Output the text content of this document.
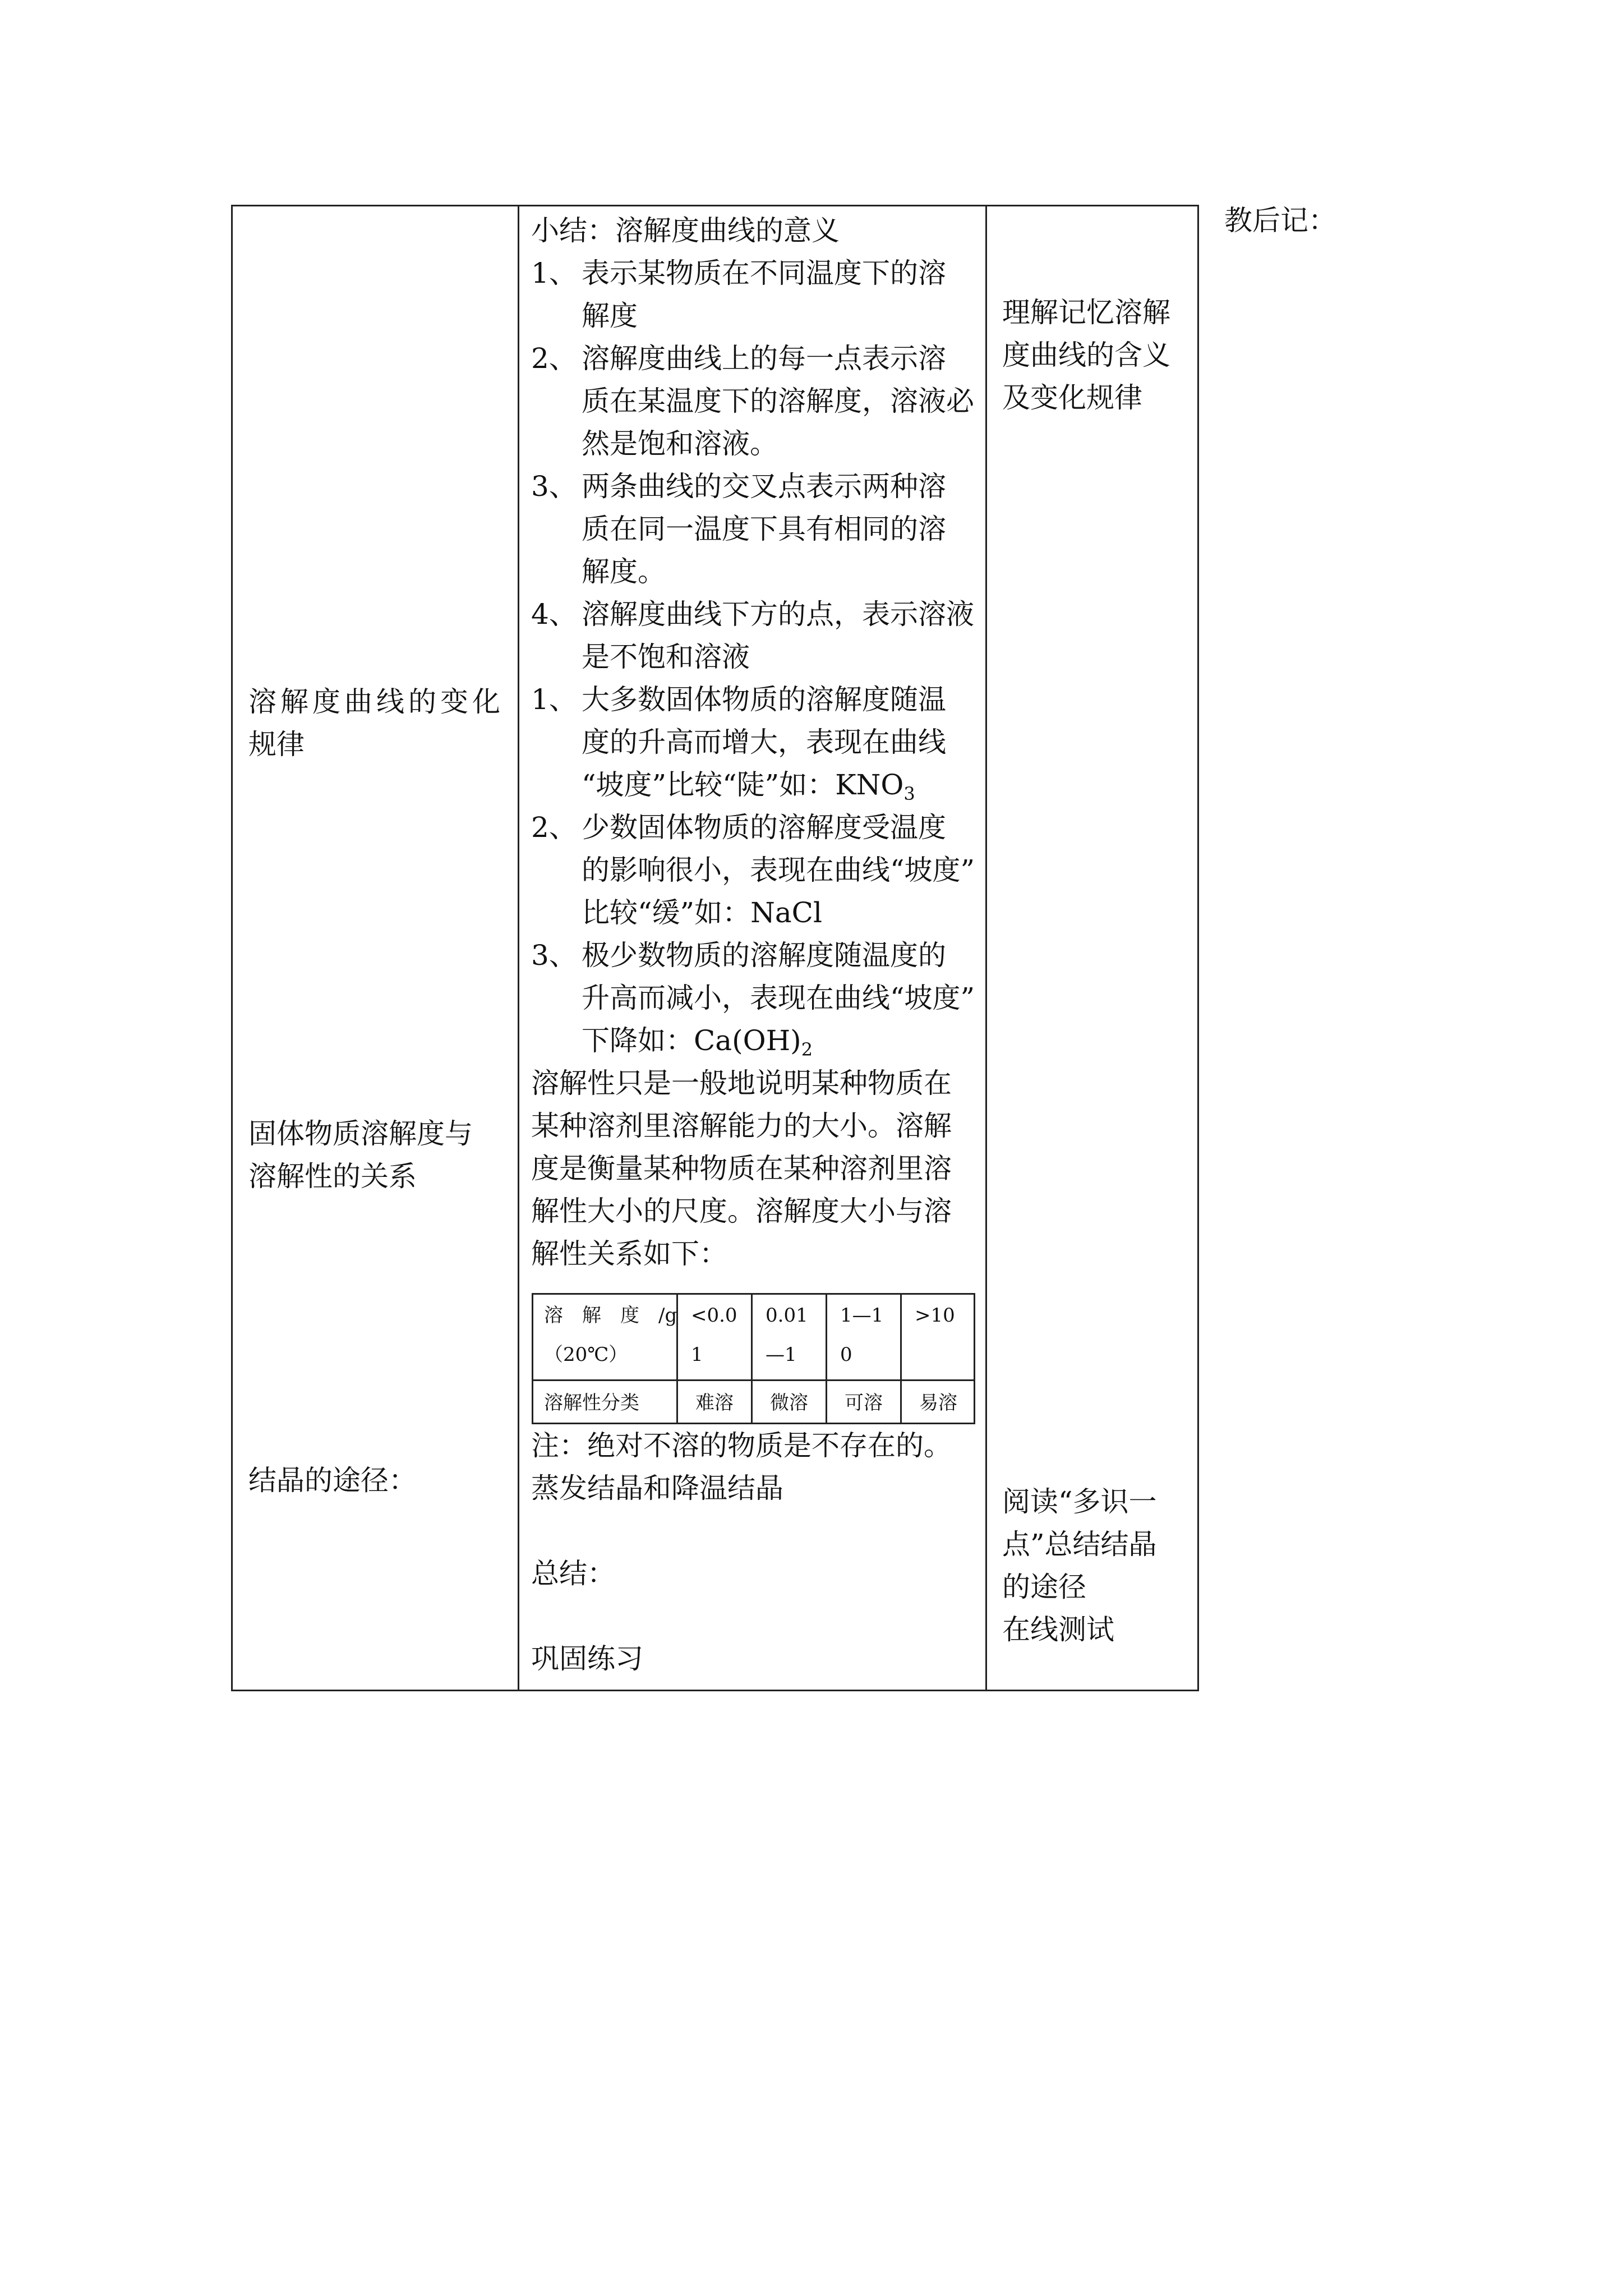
教后记：
溶解度曲线的变化
规律
固体物质溶解度与
溶解性的关系
结晶的途径：
小结：溶解度曲线的意义
1、 表示某物质在不同温度下的溶
解度
2、 溶解度曲线上的每一点表示溶
质在某温度下的溶解度，溶液必
然是饱和溶液。
3、 两条曲线的交叉点表示两种溶
质在同一温度下具有相同的溶
解度。
4、 溶解度曲线下方的点，表示溶液
是不饱和溶液
1、 大多数固体物质的溶解度随温
度的升高而增大，表现在曲线
“坡度”比较“陡”如：$KNO_3$
2、 少数固体物质的溶解度受温度
的影响很小，表现在曲线“坡度”
比较“缓”如：NaCl
3、 极少数物质的溶解度随温度的
升高而减小，表现在曲线“坡度”
下降如：$Ca(OH)_2$
溶解性只是一般地说明某种物质在
某种溶剂里溶解能力的大小。溶解
度是衡量某种物质在某种溶剂里溶
解性大小的尺度。溶解度大小与溶
解性关系如下：
溶　解　度　/g
（20℃）
<0.0
1
0.01
—1
1—1
0
>10
溶解性分类	难溶 微溶 可溶 易溶
注：绝对不溶的物质是不存在的。
蒸发结晶和降温结晶
总结：
巩固练习
理解记忆溶解
度曲线的含义
及变化规律
阅读“多识一
点”总结结晶
的途径
在线测试
